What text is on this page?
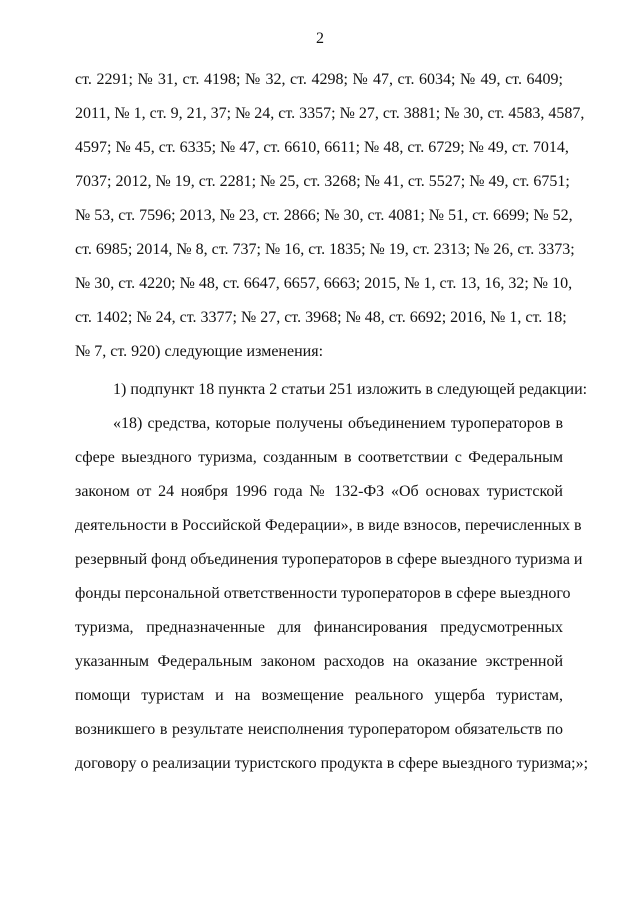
2
ст. 2291; № 31, ст. 4198; № 32, ст. 4298; № 47, ст. 6034; № 49, ст. 6409;
2011, № 1, ст. 9, 21, 37; № 24, ст. 3357; № 27, ст. 3881; № 30, ст. 4583, 4587,
4597; № 45, ст. 6335; № 47, ст. 6610, 6611; № 48, ст. 6729; № 49, ст. 7014,
7037; 2012, № 19, ст. 2281; № 25, ст. 3268; № 41, ст. 5527; № 49, ст. 6751;
№ 53, ст. 7596; 2013, № 23, ст. 2866; № 30, ст. 4081; № 51, ст. 6699; № 52,
ст. 6985; 2014, № 8, ст. 737; № 16, ст. 1835; № 19, ст. 2313; № 26, ст. 3373;
№ 30, ст. 4220; № 48, ст. 6647, 6657, 6663; 2015, № 1, ст. 13, 16, 32; № 10,
ст. 1402; № 24, ст. 3377; № 27, ст. 3968; № 48, ст. 6692; 2016, № 1, ст. 18;
№ 7, ст. 920) следующие изменения:
1) подпункт 18 пункта 2 статьи 251 изложить в следующей редакции:
«18) средства, которые получены объединением туроператоров в
сфере выездного туризма, созданным в соответствии с Федеральным
законом от 24 ноября 1996 года № 132-ФЗ «Об основах туристской
деятельности в Российской Федерации», в виде взносов, перечисленных в
резервный фонд объединения туроператоров в сфере выездного туризма и
фонды персональной ответственности туроператоров в сфере выездного
туризма, предназначенные для финансирования предусмотренных
указанным Федеральным законом расходов на оказание экстренной
помощи туристам и на возмещение реального ущерба туристам,
возникшего в результате неисполнения туроператором обязательств по
договору о реализации туристского продукта в сфере выездного туризма;»;
